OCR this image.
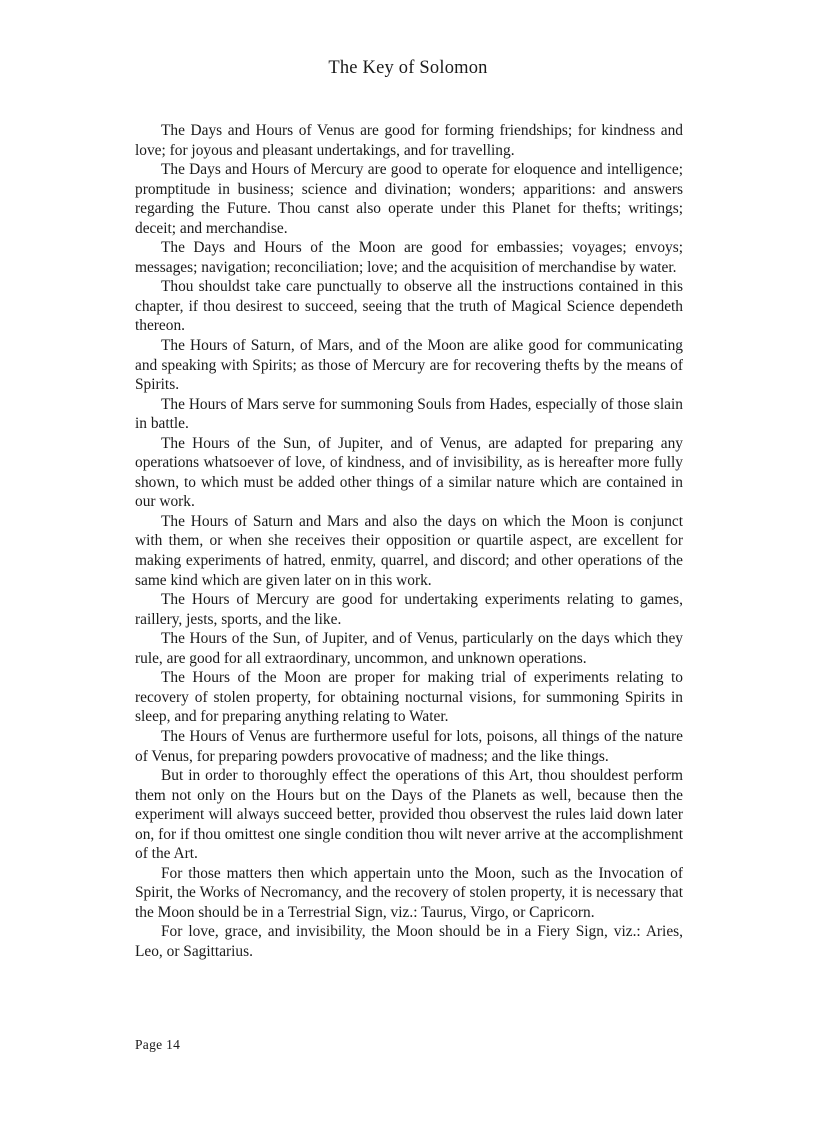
The Key of Solomon

The Days and Hours of Venus are good for forming friendships; for kindness and love; for joyous and pleasant undertakings, and for travelling.

The Days and Hours of Mercury are good to operate for eloquence and intelligence; promptitude in business; science and divination; wonders; apparitions: and answers regarding the Future. Thou canst also operate under this Planet for thefts; writings; deceit; and merchandise.

The Days and Hours of the Moon are good for embassies; voyages; envoys; messages; navigation; reconciliation; love; and the acquisition of merchandise by water.

Thou shouldst take care punctually to observe all the instructions contained in this chapter, if thou desirest to succeed, seeing that the truth of Magical Science dependeth thereon.

The Hours of Saturn, of Mars, and of the Moon are alike good for communicating and speaking with Spirits; as those of Mercury are for recovering thefts by the means of Spirits.

The Hours of Mars serve for summoning Souls from Hades, especially of those slain in battle.

The Hours of the Sun, of Jupiter, and of Venus, are adapted for preparing any operations whatsoever of love, of kindness, and of invisibility, as is hereafter more fully shown, to which must be added other things of a similar nature which are contained in our work.

The Hours of Saturn and Mars and also the days on which the Moon is conjunct with them, or when she receives their opposition or quartile aspect, are excellent for making experiments of hatred, enmity, quarrel, and discord; and other operations of the same kind which are given later on in this work.

The Hours of Mercury are good for undertaking experiments relating to games, raillery, jests, sports, and the like.

The Hours of the Sun, of Jupiter, and of Venus, particularly on the days which they rule, are good for all extraordinary, uncommon, and unknown operations.

The Hours of the Moon are proper for making trial of experiments relating to recovery of stolen property, for obtaining nocturnal visions, for summoning Spirits in sleep, and for preparing anything relating to Water.

The Hours of Venus are furthermore useful for lots, poisons, all things of the nature of Venus, for preparing powders provocative of madness; and the like things.

But in order to thoroughly effect the operations of this Art, thou shouldest perform them not only on the Hours but on the Days of the Planets as well, because then the experiment will always succeed better, provided thou observest the rules laid down later on, for if thou omittest one single condition thou wilt never arrive at the accomplishment of the Art.

For those matters then which appertain unto the Moon, such as the Invocation of Spirit, the Works of Necromancy, and the recovery of stolen property, it is necessary that the Moon should be in a Terrestrial Sign, viz.: Taurus, Virgo, or Capricorn.

For love, grace, and invisibility, the Moon should be in a Fiery Sign, viz.: Aries, Leo, or Sagittarius.

Page 14
